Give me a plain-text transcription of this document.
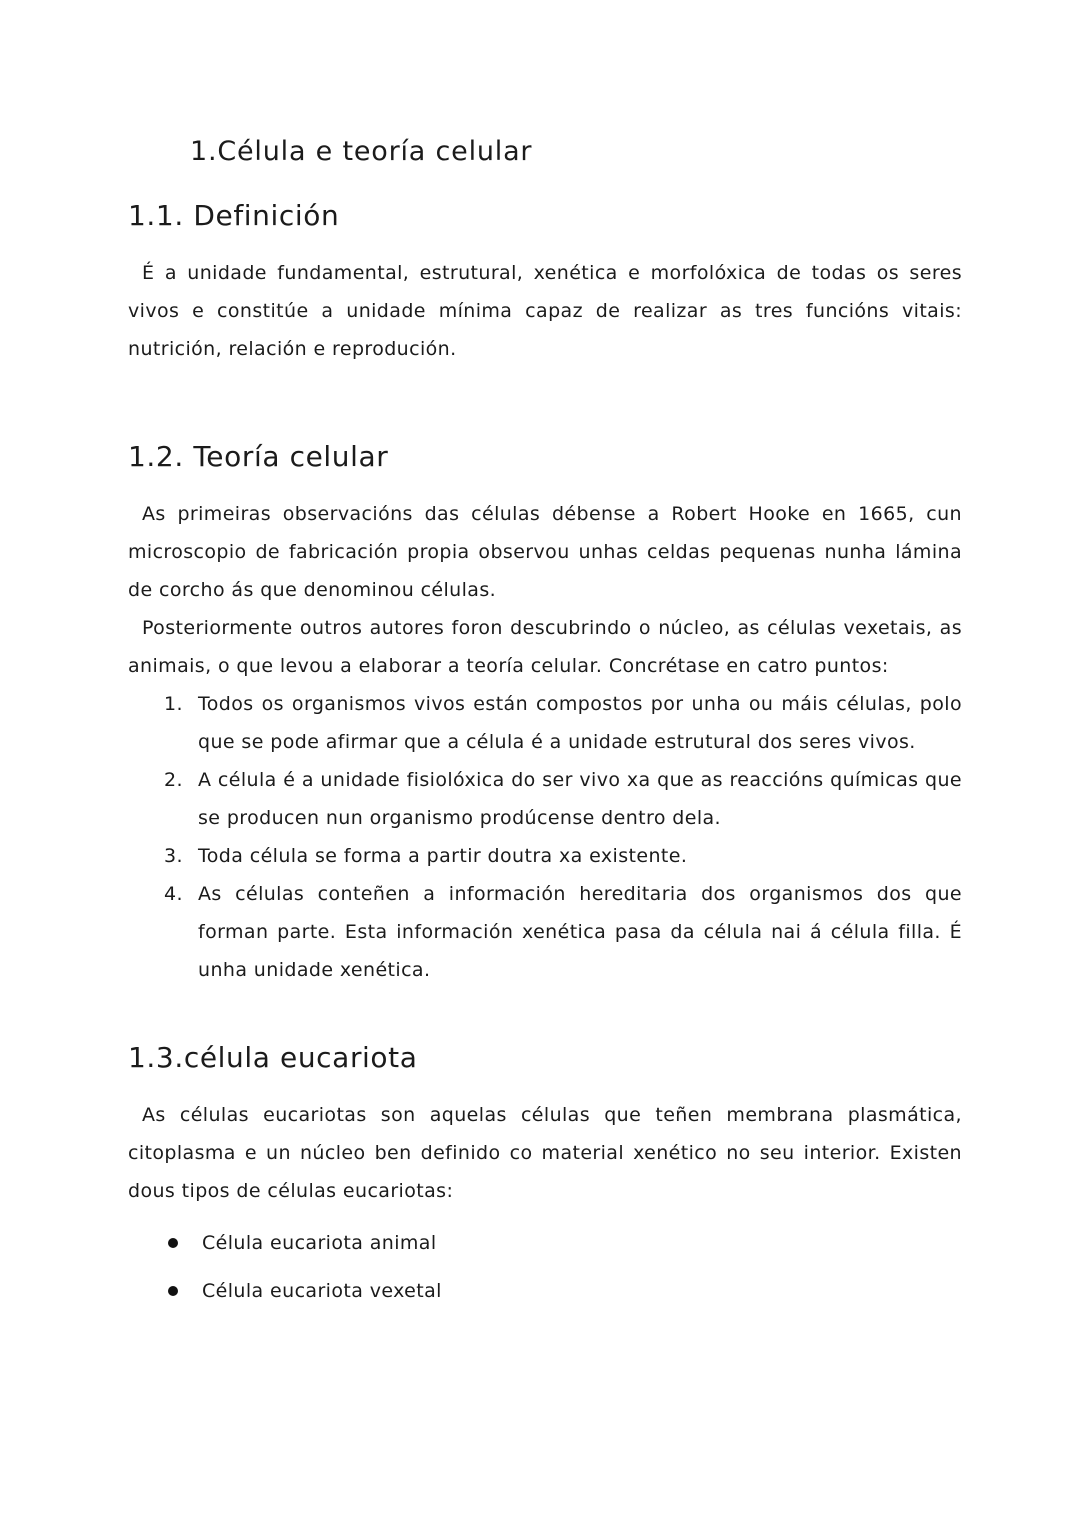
1.Célula e teoría celular
1.1. Definición

É a unidade fundamental, estrutural, xenética e morfolóxica de todas os seres vivos e constitúe a unidade mínima capaz de realizar as tres funcións vitais: nutrición, relación e reprodución.

1.2. Teoría celular

As primeiras observacións das células débense a Robert Hooke en 1665, cun microscopio de fabricación propia observou unhas celdas pequenas nunha lámina de corcho ás que denominou células.

Posteriormente outros autores foron descubrindo o núcleo, as células vexetais, as animais, o que levou a elaborar a teoría celular. Concrétase en catro puntos:

1. Todos os organismos vivos están compostos por unha ou máis células, polo que se pode afirmar que a célula é a unidade estrutural dos seres vivos.
2. A célula é a unidade fisiolóxica do ser vivo xa que as reaccións químicas que se producen nun organismo prodúcense dentro dela.
3. Toda célula se forma a partir doutra xa existente.
4. As células conteñen a información hereditaria dos organismos dos que forman parte. Esta información xenética pasa da célula nai á célula filla. É unha unidade xenética.
1.3.célula eucariota

As células eucariotas son aquelas células que teñen membrana plasmática, citoplasma e un núcleo ben definido co material xenético no seu interior. Existen dous tipos de células eucariotas:

Célula eucariota animal
Célula eucariota vexetal
